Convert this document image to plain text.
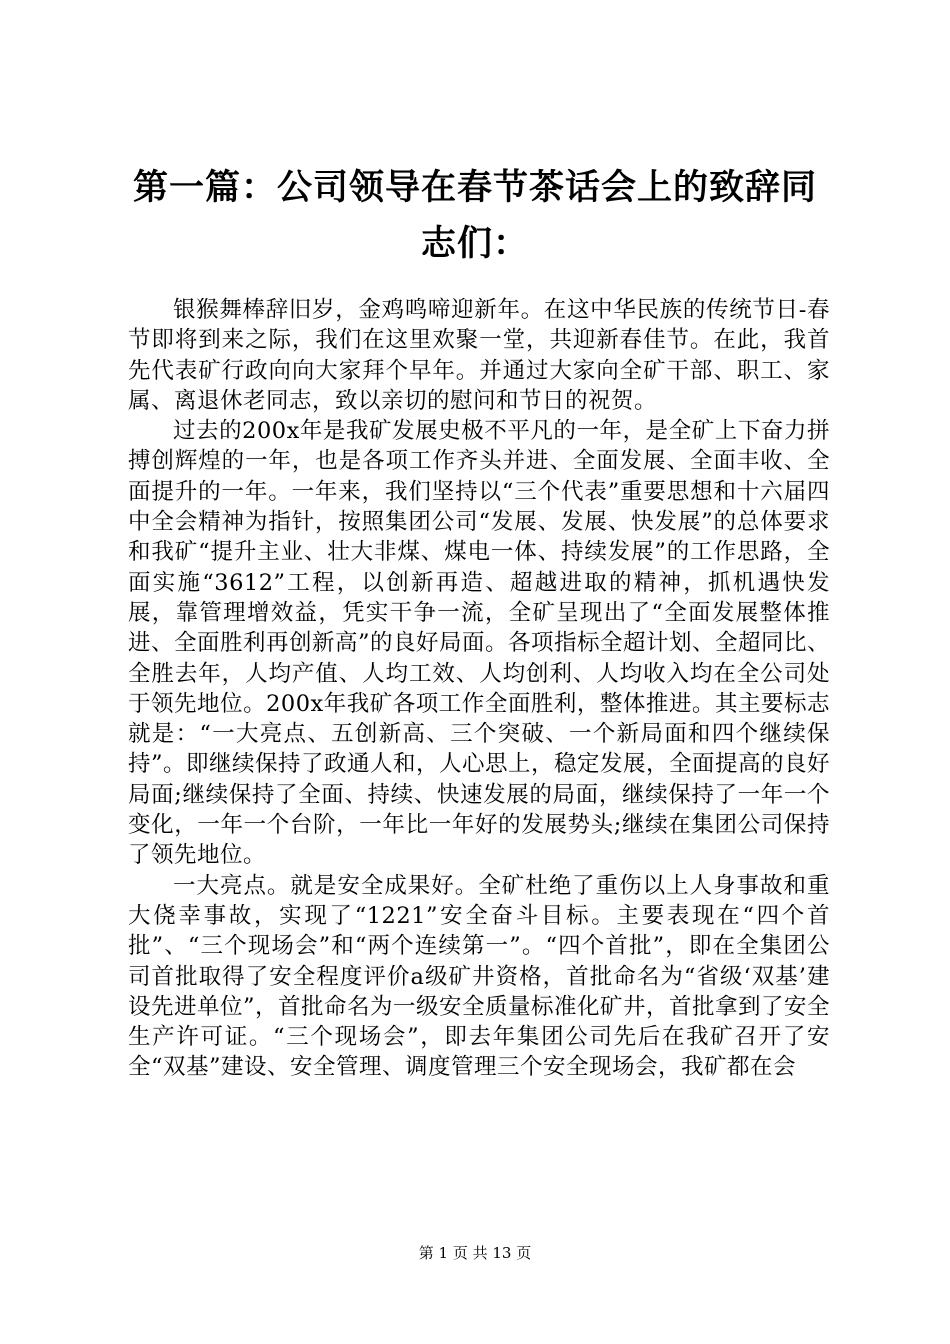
第一篇：公司领导在春节茶话会上的致辞同志们：

银猴舞棒辞旧岁，金鸡鸣啼迎新年。在这中华民族的传统节日-春节即将到来之际，我们在这里欢聚一堂，共迎新春佳节。在此，我首先代表矿行政向向大家拜个早年。并通过大家向全矿干部、职工、家属、离退休老同志，致以亲切的慰问和节日的祝贺。

过去的200x年是我矿发展史极不平凡的一年，是全矿上下奋力拼搏创辉煌的一年，也是各项工作齐头并进、全面发展、全面丰收、全面提升的一年。一年来，我们坚持以“三个代表”重要思想和十六届四中全会精神为指针，按照集团公司“发展、发展、快发展”的总体要求和我矿“提升主业、壮大非煤、煤电一体、持续发展”的工作思路，全面实施“3612”工程，以创新再造、超越进取的精神，抓机遇快发展，靠管理增效益，凭实干争一流，全矿呈现出了“全面发展整体推进、全面胜利再创新高”的良好局面。各项指标全超计划、全超同比、全胜去年，人均产值、人均工效、人均创利、人均收入均在全公司处于领先地位。200x年我矿各项工作全面胜利，整体推进。其主要标志就是：“一大亮点、五创新高、三个突破、一个新局面和四个继续保持”。即继续保持了政通人和，人心思上，稳定发展，全面提高的良好局面;继续保持了全面、持续、快速发展的局面，继续保持了一年一个变化，一年一个台阶，一年比一年好的发展势头;继续在集团公司保持了领先地位。

一大亮点。就是安全成果好。全矿杜绝了重伤以上人身事故和重大侥幸事故，实现了“1221”安全奋斗目标。主要表现在“四个首批”、“三个现场会”和“两个连续第一”。“四个首批”，即在全集团公司首批取得了安全程度评价a级矿井资格，首批命名为“省级‘双基’建设先进单位”，首批命名为一级安全质量标准化矿井，首批拿到了安全生产许可证。“三个现场会”，即去年集团公司先后在我矿召开了安全“双基”建设、安全管理、调度管理三个安全现场会，我矿都在会

第 1 页 共 13 页
